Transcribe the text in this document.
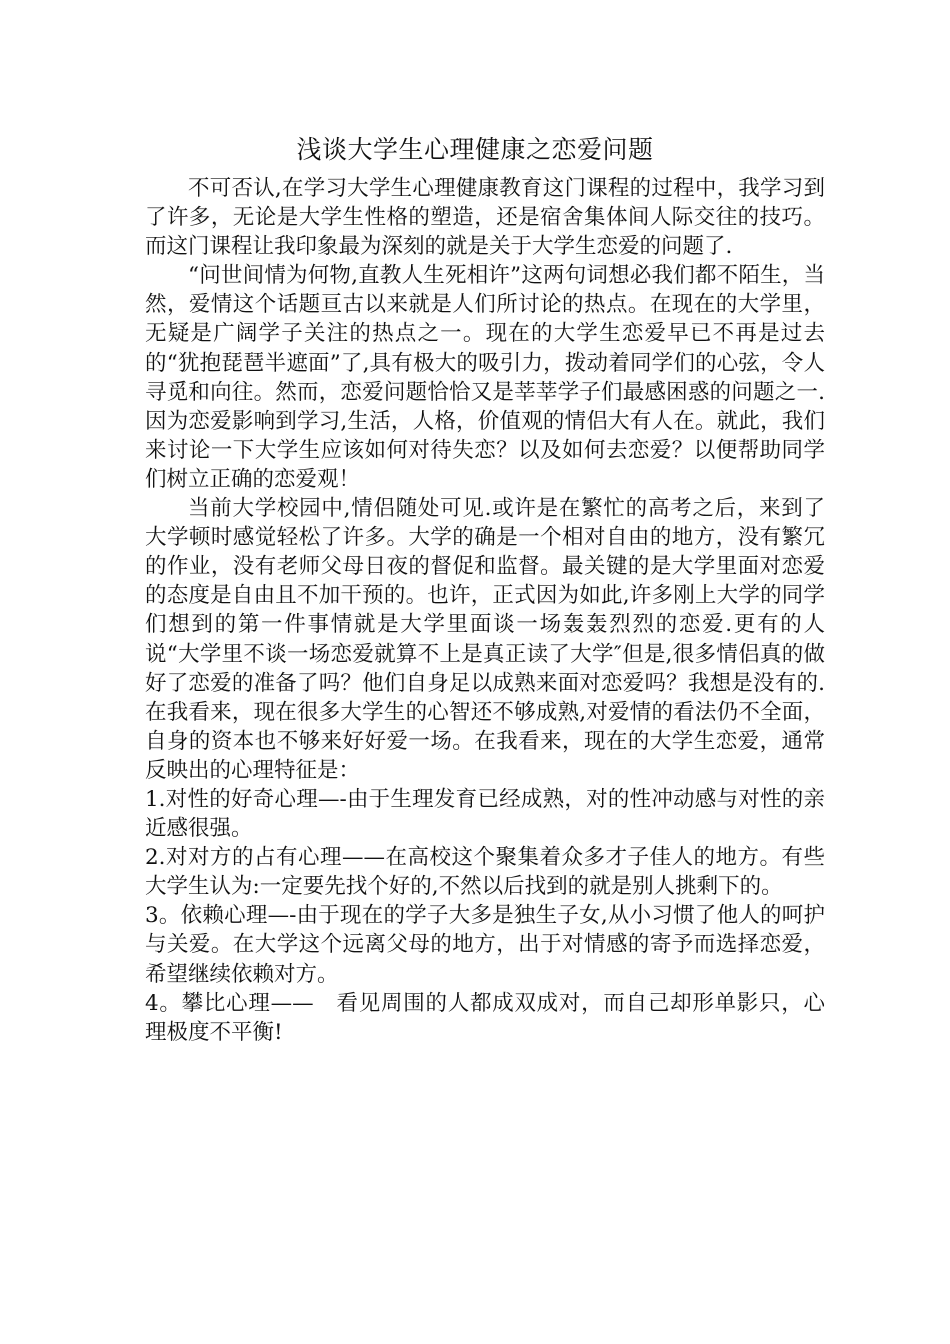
浅谈大学生心理健康之恋爱问题

不可否认,在学习大学生心理健康教育这门课程的过程中，我学习到了许多，无论是大学生性格的塑造，还是宿舍集体间人际交往的技巧。而这门课程让我印象最为深刻的就是关于大学生恋爱的问题了.

“问世间情为何物,直教人生死相许”这两句词想必我们都不陌生，当然，爱情这个话题亘古以来就是人们所讨论的热点。在现在的大学里，无疑是广阔学子关注的热点之一。现在的大学生恋爱早已不再是过去的“犹抱琵琶半遮面”了,具有极大的吸引力，拨动着同学们的心弦，令人寻觅和向往。然而，恋爱问题恰恰又是莘莘学子们最感困惑的问题之一.因为恋爱影响到学习,生活，人格，价值观的情侣大有人在。就此，我们来讨论一下大学生应该如何对待失恋？以及如何去恋爱？以便帮助同学们树立正确的恋爱观！

当前大学校园中,情侣随处可见.或许是在繁忙的高考之后，来到了大学顿时感觉轻松了许多。大学的确是一个相对自由的地方，没有繁冗的作业，没有老师父母日夜的督促和监督。最关键的是大学里面对恋爱的态度是自由且不加干预的。也许，正式因为如此,许多刚上大学的同学们想到的第一件事情就是大学里面谈一场轰轰烈烈的恋爱.更有的人说“大学里不谈一场恋爱就算不上是真正读了大学″但是,很多情侣真的做好了恋爱的准备了吗？他们自身足以成熟来面对恋爱吗？我想是没有的.在我看来，现在很多大学生的心智还不够成熟,对爱情的看法仍不全面，自身的资本也不够来好好爱一场。在我看来，现在的大学生恋爱，通常反映出的心理特征是：

1.对性的好奇心理—-由于生理发育已经成熟，对的性冲动感与对性的亲近感很强。

2.对对方的占有心理——在高校这个聚集着众多才子佳人的地方。有些大学生认为:一定要先找个好的,不然以后找到的就是别人挑剩下的。

3。依赖心理—-由于现在的学子大多是独生子女,从小习惯了他人的呵护与关爱。在大学这个远离父母的地方，出于对情感的寄予而选择恋爱，希望继续依赖对方。

4。攀比心理——　看见周围的人都成双成对，而自己却形单影只，心理极度不平衡!
